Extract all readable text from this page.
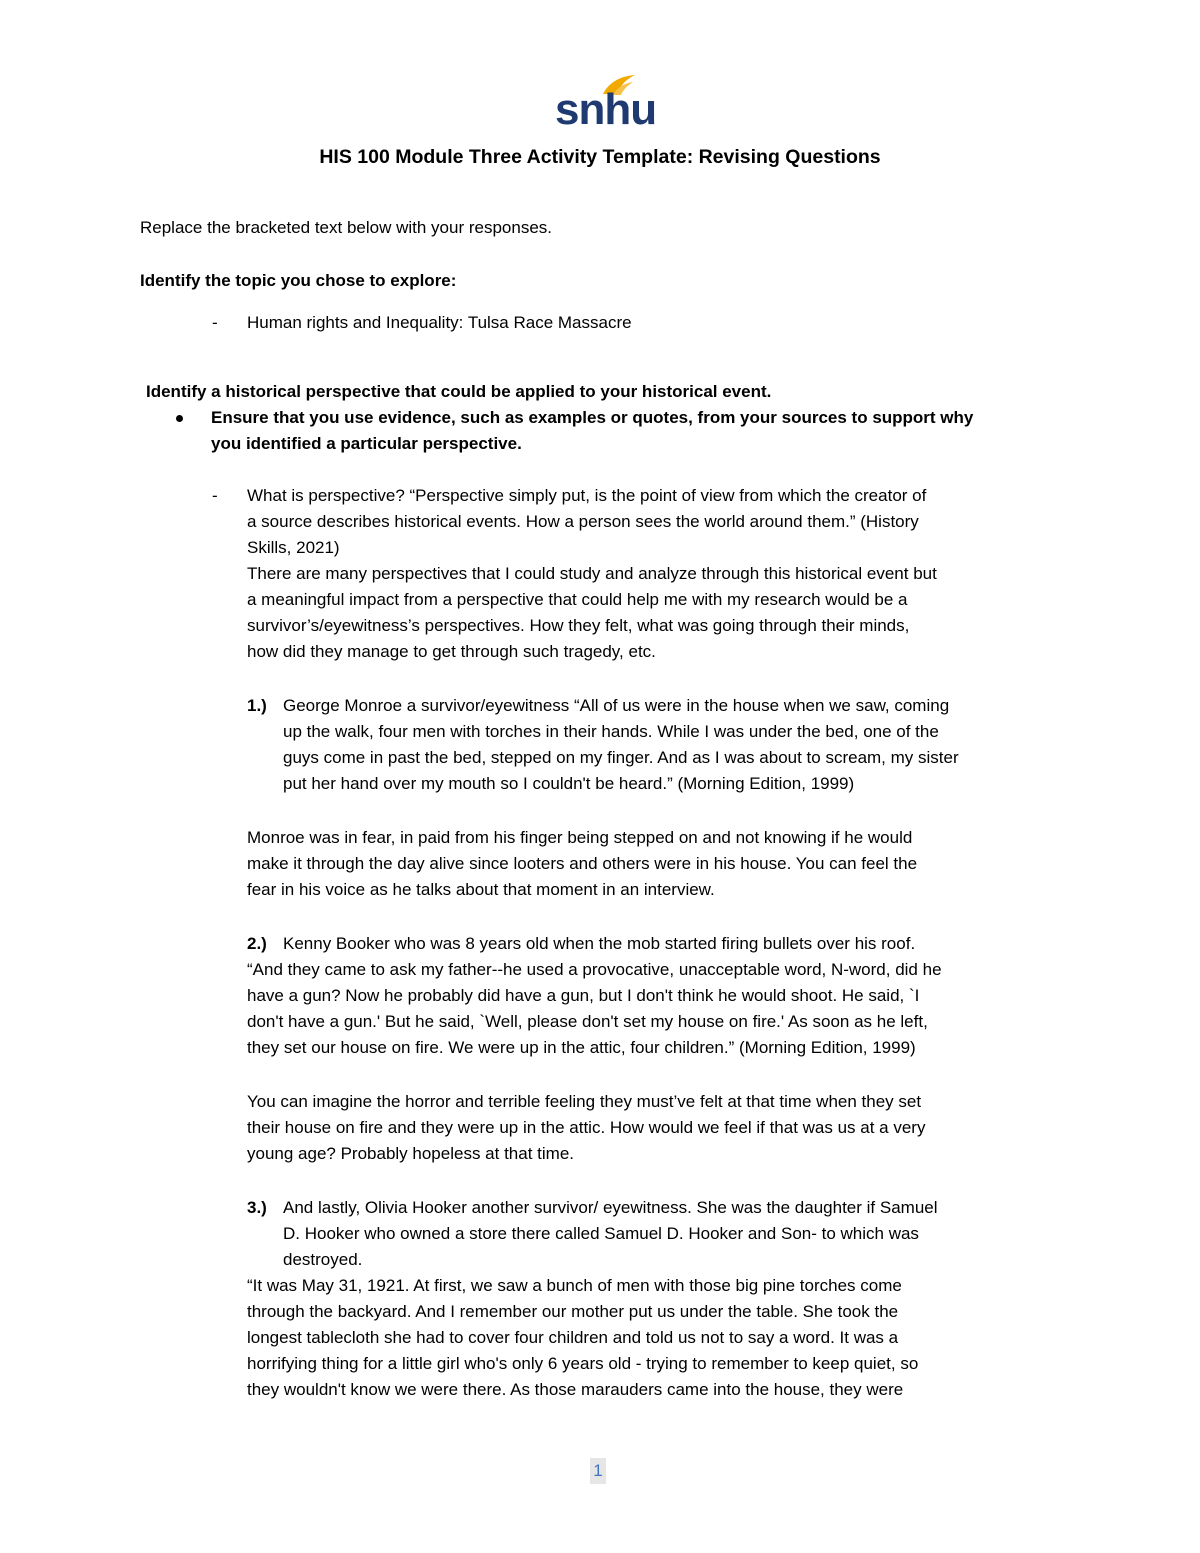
snhu
HIS 100 Module Three Activity Template: Revising Questions
Replace the bracketed text below with your responses.
Identify the topic you chose to explore:
- Human rights and Inequality: Tulsa Race Massacre
Identify a historical perspective that could be applied to your historical event.
Ensure that you use evidence, such as examples or quotes, from your sources to support why
you identified a particular perspective.
- What is perspective? “Perspective simply put, is the point of view from which the creator of
a source describes historical events. How a person sees the world around them.” (History
Skills, 2021)
There are many perspectives that I could study and analyze through this historical event but
a meaningful impact from a perspective that could help me with my research would be a
survivor’s/eyewitness’s perspectives. How they felt, what was going through their minds,
how did they manage to get through such tragedy, etc.
1.) George Monroe a survivor/eyewitness “All of us were in the house when we saw, coming
up the walk, four men with torches in their hands. While I was under the bed, one of the
guys come in past the bed, stepped on my finger. And as I was about to scream, my sister
put her hand over my mouth so I couldn't be heard.” (Morning Edition, 1999)
Monroe was in fear, in paid from his finger being stepped on and not knowing if he would
make it through the day alive since looters and others were in his house. You can feel the
fear in his voice as he talks about that moment in an interview.
2.) Kenny Booker who was 8 years old when the mob started firing bullets over his roof.
“And they came to ask my father--he used a provocative, unacceptable word, N-word, did he
have a gun? Now he probably did have a gun, but I don't think he would shoot. He said, `I
don't have a gun.' But he said, `Well, please don't set my house on fire.' As soon as he left,
they set our house on fire. We were up in the attic, four children.” (Morning Edition, 1999)
You can imagine the horror and terrible feeling they must’ve felt at that time when they set
their house on fire and they were up in the attic. How would we feel if that was us at a very
young age? Probably hopeless at that time.
3.) And lastly, Olivia Hooker another survivor/ eyewitness. She was the daughter if Samuel
D. Hooker who owned a store there called Samuel D. Hooker and Son- to which was
destroyed.
“It was May 31, 1921. At first, we saw a bunch of men with those big pine torches come
through the backyard. And I remember our mother put us under the table. She took the
longest tablecloth she had to cover four children and told us not to say a word. It was a
horrifying thing for a little girl who's only 6 years old - trying to remember to keep quiet, so
they wouldn't know we were there. As those marauders came into the house, they were
1
